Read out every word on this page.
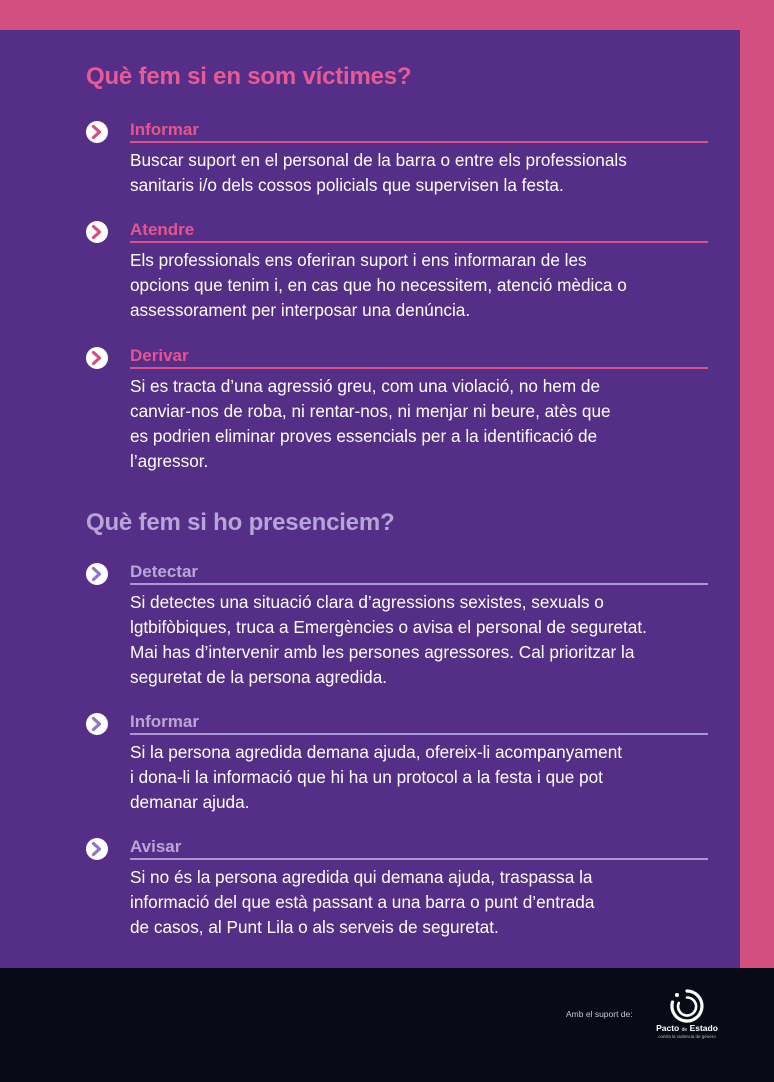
Què fem si en som víctimes?
Informar
Buscar suport en el personal de la barra o entre els professionals
sanitaris i/o dels cossos policials que supervisen la festa.
Atendre
Els professionals ens oferiran suport i ens informaran de les
opcions que tenim i, en cas que ho necessitem, atenció mèdica o
assessorament per interposar una denúncia.
Derivar
Si es tracta d’una agressió greu, com una violació, no hem de
canviar-nos de roba, ni rentar-nos, ni menjar ni beure, atès que
es podrien eliminar proves essencials per a la identificació de
l’agressor.
Què fem si ho presenciem?
Detectar
Si detectes una situació clara d’agressions sexistes, sexuals o
lgtbifòbiques, truca a Emergències o avisa el personal de seguretat.
Mai has d’intervenir amb les persones agressores. Cal prioritzar la
seguretat de la persona agredida.
Informar
Si la persona agredida demana ajuda, ofereix-li acompanyament
i dona-li la informació que hi ha un protocol a la festa i que pot
demanar ajuda.
Avisar
Si no és la persona agredida qui demana ajuda, traspassa la
informació del que està passant a una barra o punt d’entrada
de casos, al Punt Lila o als serveis de seguretat.
Amb el suport de:
Pacto de Estado
contra la violencia de género
